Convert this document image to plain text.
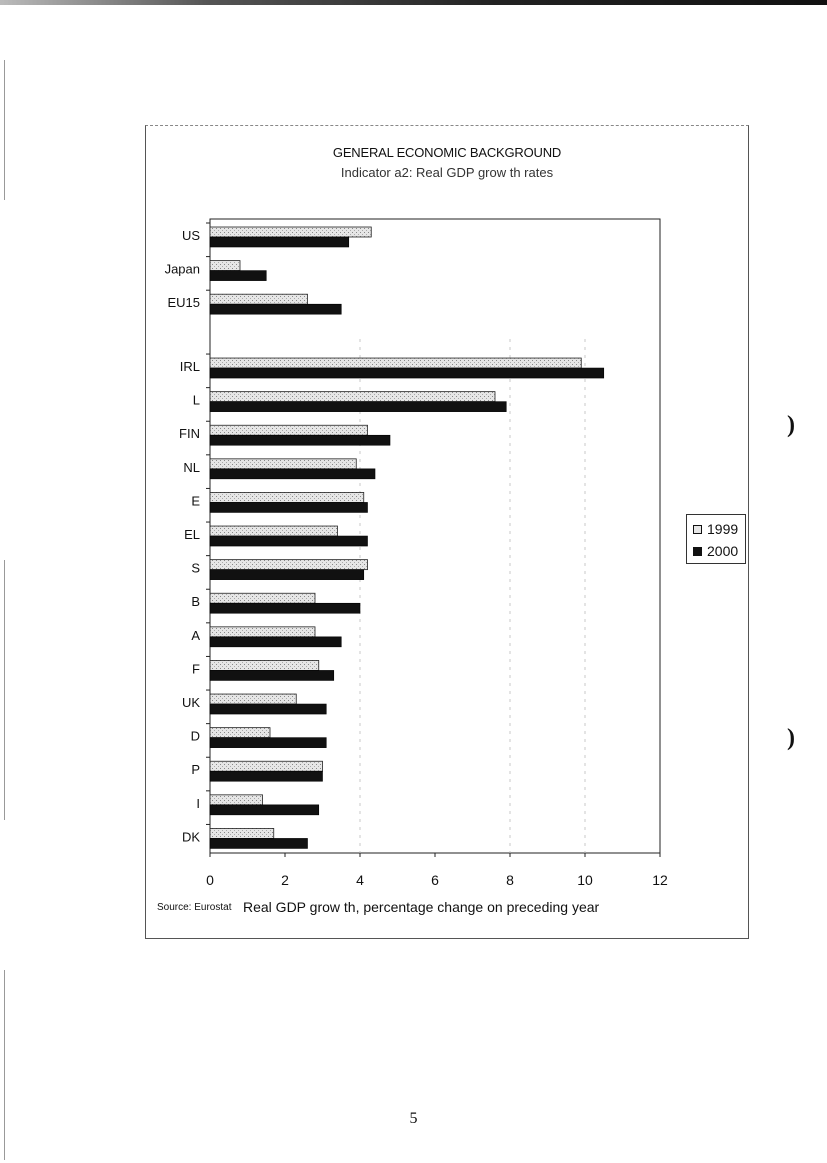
GENERAL ECONOMIC BACKGROUND
Indicator a2: Real GDP grow th rates
US
Japan
EU15
IRL
L
FIN
NL
E
EL
S
B
A
F
UK
D
P
I
DK
0	2	4	6	8	10	12
1999
2000
Source: Eurostat Real GDP grow th, percentage change on preceding year
)
)
5
